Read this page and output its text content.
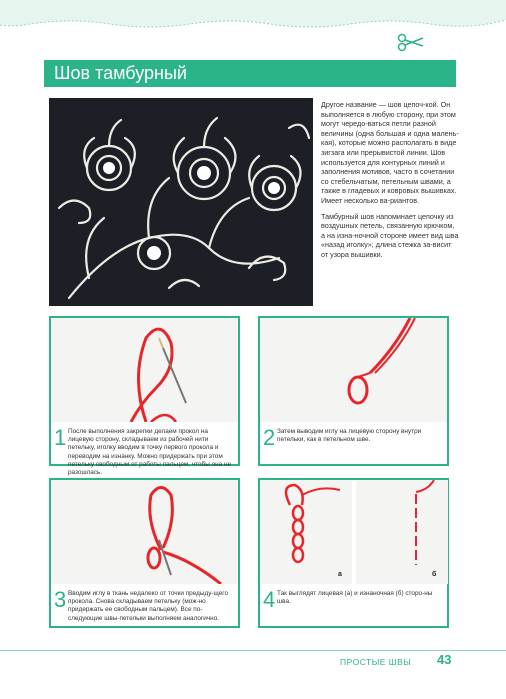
Шов тамбурный

Другое название — шов цепоч-кой. Он выполняется в любую сторону, при этом могут чередо-ваться петли разной величины (одна большая и одна малень-кая), которые можно располагать в виде зигзага или прерывистой линии. Шов используется для контурных линий и заполнения мотивов, часто в сочетании со стебельчатым, петельным швами, а также в гладевых и ковровых вышивках. Имеет несколько ва-риантов.

Тамбурный шов напоминает цепочку из воздушных петель, связанную крючком, а на изна-ночной стороне имеет вид шва «назад иголку»; длина стежка за-висит от узора вышивки.

1 После выполнения закрепки делаем прокол на лицевую сторону, складываем из рабочей нити петельку, иголку вводим в точку первого прокола и переводим на изнанку. Можно придержать при этом петельку свободным от работы пальцем, чтобы она не разошлась.
2 Затем выводим иглу на лицевую сторону внутри петельки, как в петельном шве.
3 Вводим иглу в ткань недалеко от точки предыду-щего прокола. Снова складываем петельку (мож-но придержать ее свободным пальцем). Все по-следующие швы-петельки выполняем аналогично.
а	б
4 Так выглядят лицевая (а) и изнаночная (б) сторо-ны шва.
ПРОСТЫЕ ШВЫ 43
